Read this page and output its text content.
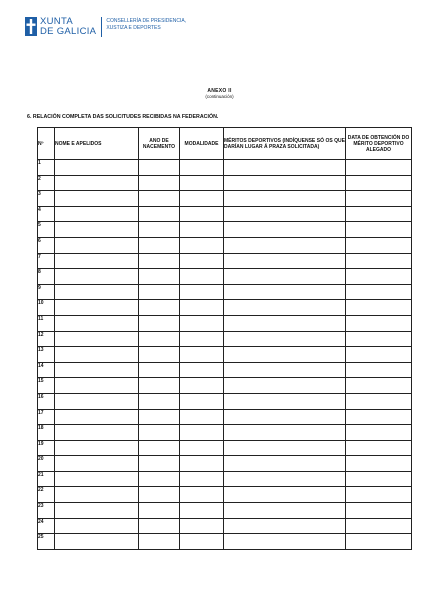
XUNTA
DE GALICIA
CONSELLERÍA DE PRESIDENCIA,
XUSTIZA E DEPORTES
ANEXO II
(continuación)
6. RELACIÓN COMPLETA DAS SOLICITUDES RECIBIDAS NA FEDERACIÓN.
Nº	NOME E APELIDOS	ANO DE NACEMENTO	MODALIDADE	MÉRITOS DEPORTIVOS (INDÍQUENSE SÓ OS QUE DARÍAN LUGAR Á PRAZA SOLICITADA)	DATA DE OBTENCIÓN DO MÉRITO DEPORTIVO ALEGADO
1					
2					
3					
4					
5					
6					
7					
8					
9					
10					
11					
12					
13					
14					
15					
16					
17					
18					
19					
20					
21					
22					
23					
24					
25					
